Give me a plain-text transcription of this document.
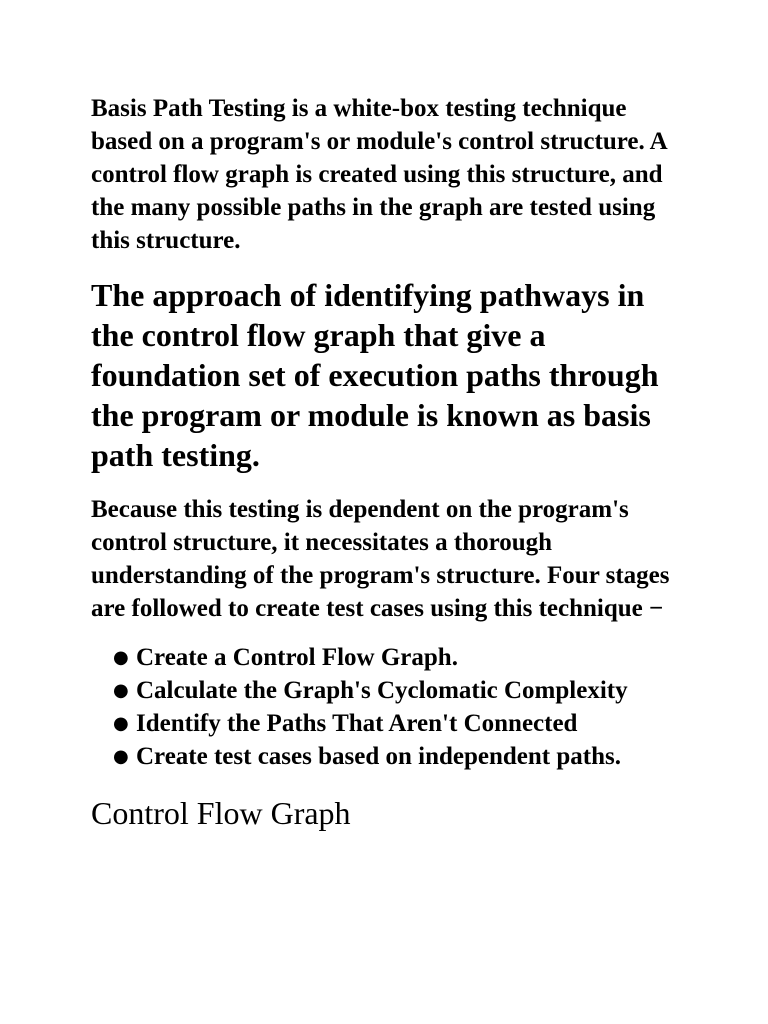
Basis Path Testing is a white-box testing technique based on a program's or module's control structure. A control flow graph is created using this structure, and the many possible paths in the graph are tested using this structure.

The approach of identifying pathways in the control flow graph that give a foundation set of execution paths through the program or module is known as basis path testing.

Because this testing is dependent on the program's control structure, it necessitates a thorough understanding of the program's structure. Four stages are followed to create test cases using this technique −

● Create a Control Flow Graph.
● Calculate the Graph's Cyclomatic Complexity
● Identify the Paths That Aren't Connected
● Create test cases based on independent paths.
Control Flow Graph
